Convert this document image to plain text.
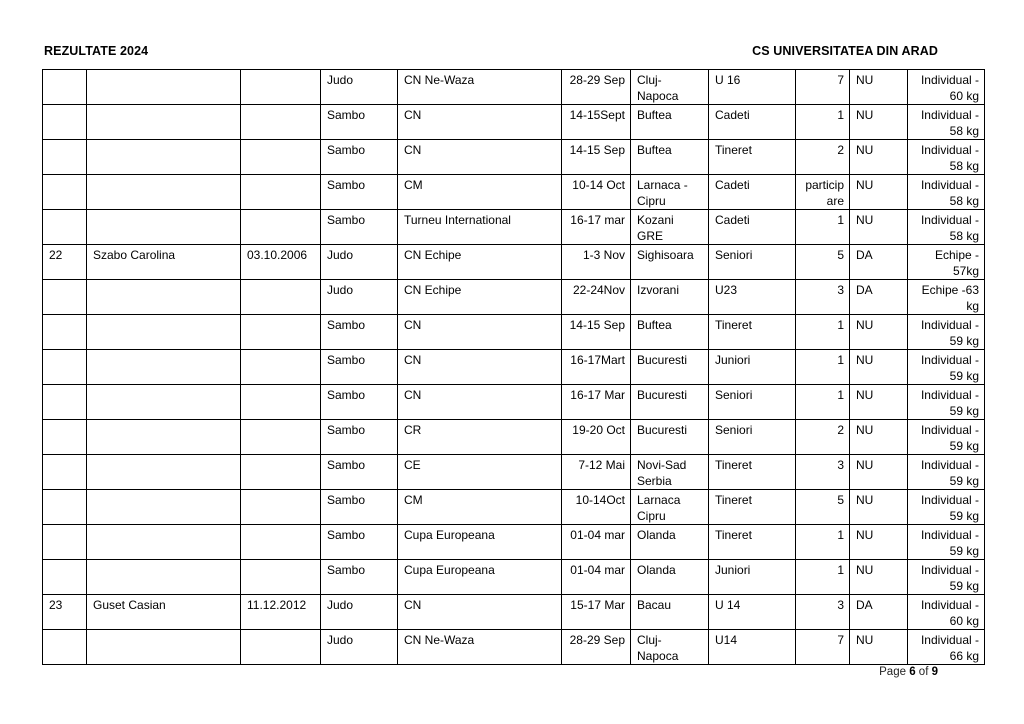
REZULTATE 2024	CS UNIVERSITATEA DIN ARAD
			Judo	CN Ne-Waza	28-29 Sep	Cluj-
Napoca	U 16	7	NU	Individual -
60 kg
			Sambo	CN	14-15Sept	Buftea	Cadeti	1	NU	Individual -
58 kg
			Sambo	CN	14-15 Sep	Buftea	Tineret	2	NU	Individual -
58 kg
			Sambo	CM	10-14 Oct	Larnaca -
Cipru	Cadeti	particip
are	NU	Individual -
58 kg
			Sambo	Turneu International	16-17 mar	Kozani
GRE	Cadeti	1	NU	Individual -
58 kg
22	Szabo Carolina	03.10.2006	Judo	CN Echipe	1-3 Nov	Sighisoara	Seniori	5	DA	Echipe -
57kg
			Judo	CN Echipe	22-24Nov	Izvorani	U23	3	DA	Echipe -63
kg
			Sambo	CN	14-15 Sep	Buftea	Tineret	1	NU	Individual -
59 kg
			Sambo	CN	16-17Mart	Bucuresti	Juniori	1	NU	Individual -
59 kg
			Sambo	CN	16-17 Mar	Bucuresti	Seniori	1	NU	Individual -
59 kg
			Sambo	CR	19-20 Oct	Bucuresti	Seniori	2	NU	Individual -
59 kg
			Sambo	CE	7-12 Mai	Novi-Sad
Serbia	Tineret	3	NU	Individual -
59 kg
			Sambo	CM	10-14Oct	Larnaca
Cipru	Tineret	5	NU	Individual -
59 kg
			Sambo	Cupa Europeana	01-04 mar	Olanda	Tineret	1	NU	Individual -
59 kg
			Sambo	Cupa Europeana	01-04 mar	Olanda	Juniori	1	NU	Individual -
59 kg
23	Guset Casian	11.12.2012	Judo	CN	15-17 Mar	Bacau	U 14	3	DA	Individual -
60 kg
			Judo	CN Ne-Waza	28-29 Sep	Cluj-
Napoca	U14	7	NU	Individual -
66 kg
Page 6 of 9
